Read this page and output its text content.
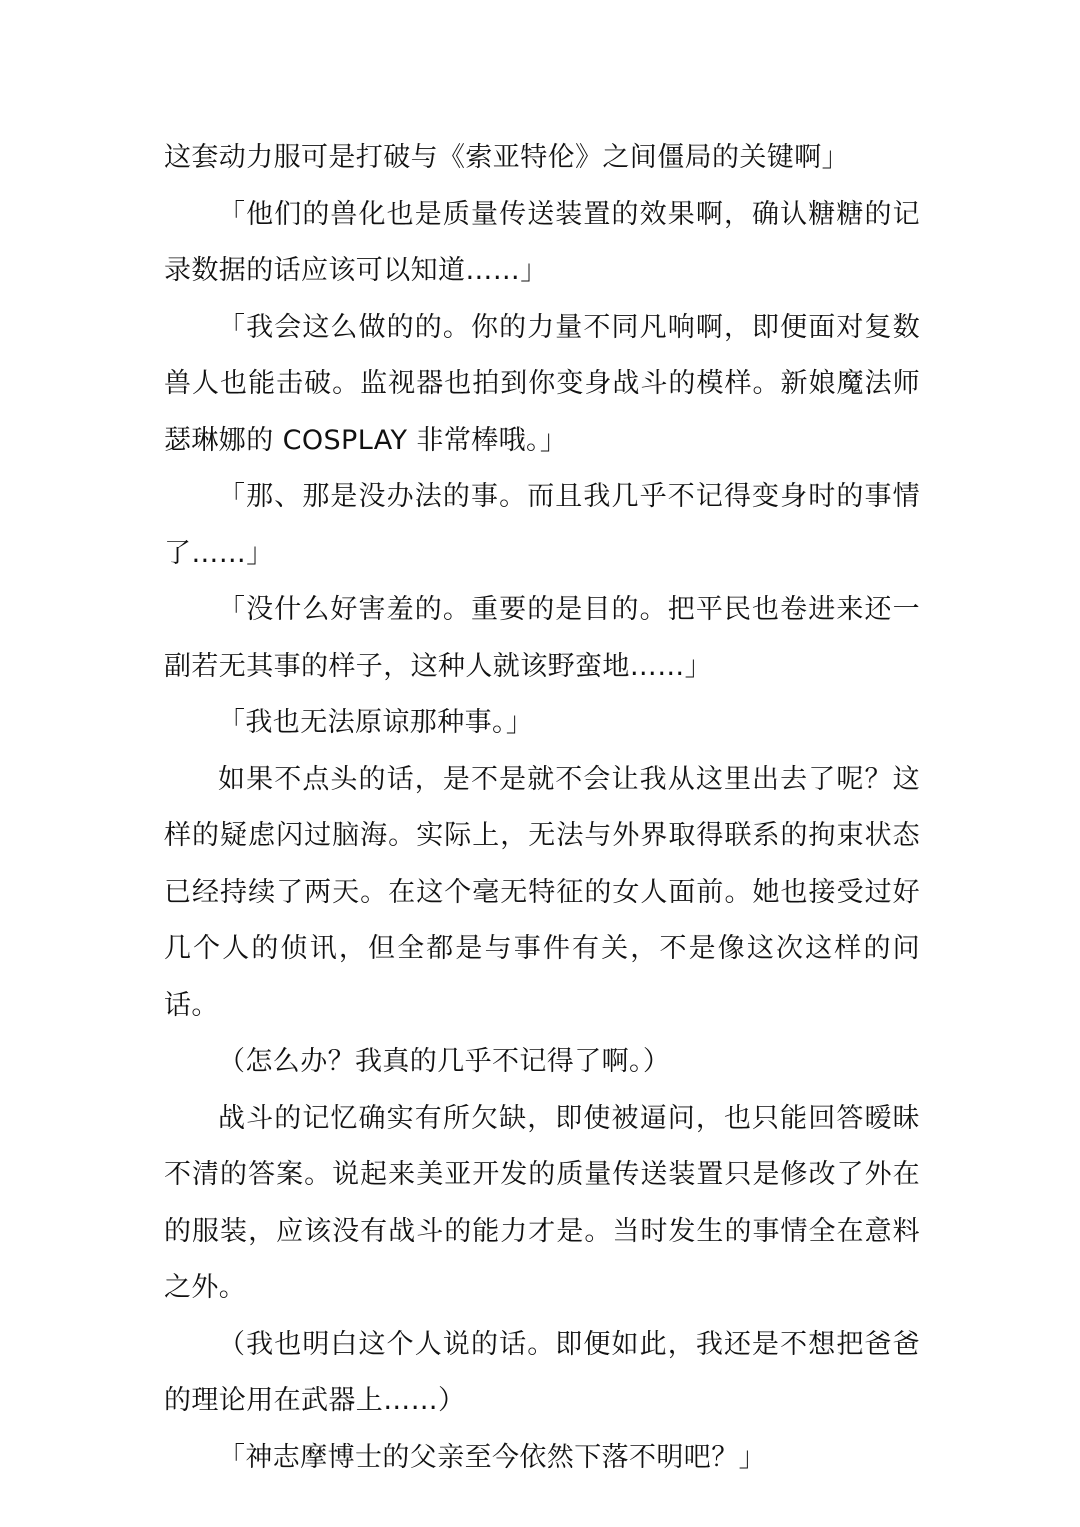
这套动力服可是打破与《索亚特伦》之间僵局的关键啊」

「他们的兽化也是质量传送装置的效果啊，确认糖糖的记录数据的话应该可以知道……」

「我会这么做的的。你的力量不同凡响啊，即便面对复数兽人也能击破。监视器也拍到你变身战斗的模样。新娘魔法师瑟琳娜的 COSPLAY 非常棒哦。」

「那、那是没办法的事。而且我几乎不记得变身时的事情了……」

「没什么好害羞的。重要的是目的。把平民也卷进来还一副若无其事的样子，这种人就该野蛮地……」

「我也无法原谅那种事。」

如果不点头的话，是不是就不会让我从这里出去了呢？这样的疑虑闪过脑海。实际上，无法与外界取得联系的拘束状态已经持续了两天。在这个毫无特征的女人面前。她也接受过好几个人的侦讯，但全都是与事件有关，不是像这次这样的问话。

（怎么办？我真的几乎不记得了啊。）

战斗的记忆确实有所欠缺，即使被逼问，也只能回答暧昧不清的答案。说起来美亚开发的质量传送装置只是修改了外在的服装，应该没有战斗的能力才是。当时发生的事情全在意料之外。

（我也明白这个人说的话。即便如此，我还是不想把爸爸的理论用在武器上……）

「神志摩博士的父亲至今依然下落不明吧？」
